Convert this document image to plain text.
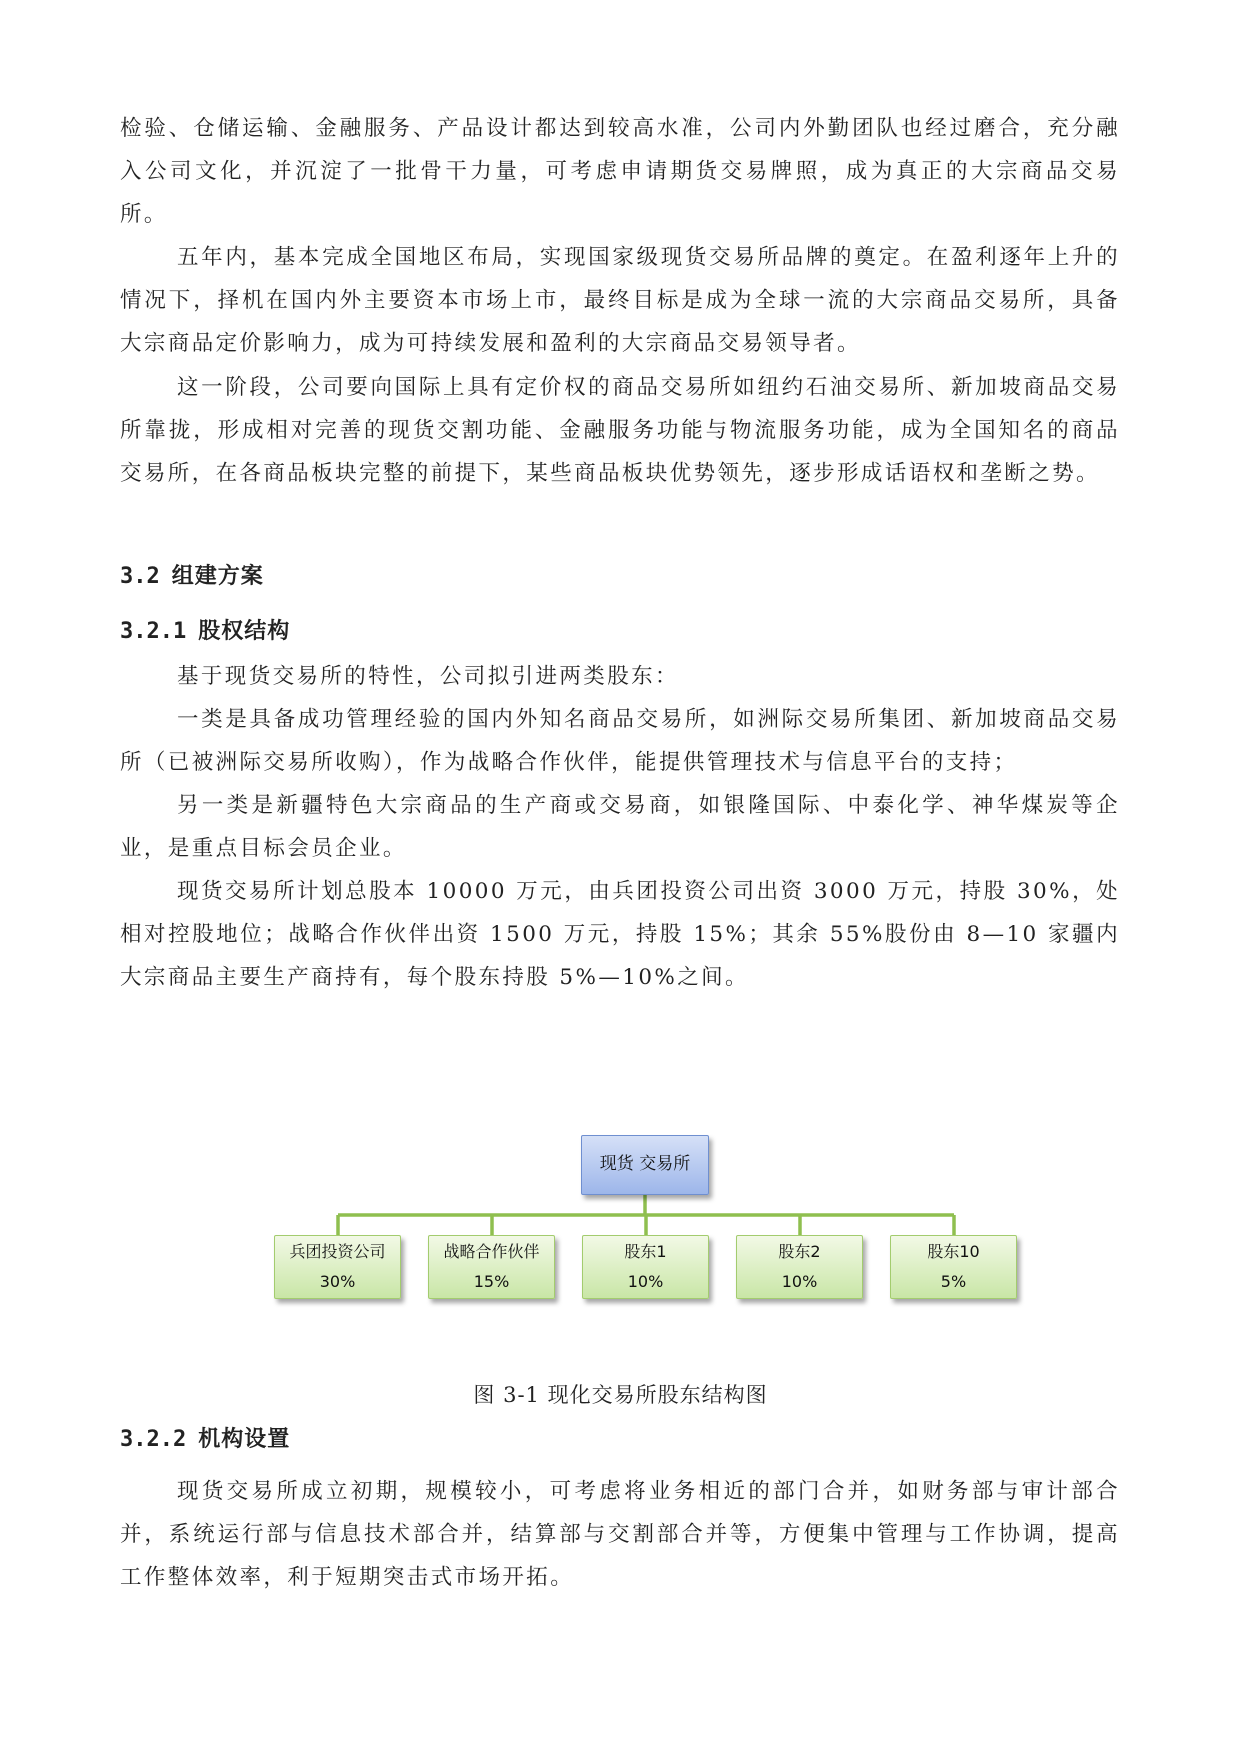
检验、仓储运输、金融服务、产品设计都达到较高水准，公司内外勤团队也经过磨合，充分融入公司文化，并沉淀了一批骨干力量，可考虑申请期货交易牌照，成为真正的大宗商品交易所。

五年内，基本完成全国地区布局，实现国家级现货交易所品牌的奠定。在盈利逐年上升的情况下，择机在国内外主要资本市场上市，最终目标是成为全球一流的大宗商品交易所，具备大宗商品定价影响力，成为可持续发展和盈利的大宗商品交易领导者。

这一阶段，公司要向国际上具有定价权的商品交易所如纽约石油交易所、新加坡商品交易所靠拢，形成相对完善的现货交割功能、金融服务功能与物流服务功能，成为全国知名的商品交易所，在各商品板块完整的前提下，某些商品板块优势领先，逐步形成话语权和垄断之势。

3.2 组建方案
3.2.1 股权结构

基于现货交易所的特性，公司拟引进两类股东：

一类是具备成功管理经验的国内外知名商品交易所，如洲际交易所集团、新加坡商品交易所（已被洲际交易所收购），作为战略合作伙伴，能提供管理技术与信息平台的支持；

另一类是新疆特色大宗商品的生产商或交易商，如银隆国际、中泰化学、神华煤炭等企业，是重点目标会员企业。

现货交易所计划总股本 10000 万元，由兵团投资公司出资 3000 万元，持股 30%，处相对控股地位；战略合作伙伴出资 1500 万元，持股 15%；其余 55%股份由 8—10 家疆内大宗商品主要生产商持有，每个股东持股 5%—10%之间。

现货 交易所
兵团投资公司
30%
战略合作伙伴
15%
股东1
10%
股东2
10%
股东10
5%
图 3-1 现化交易所股东结构图
3.2.2 机构设置

现货交易所成立初期，规模较小，可考虑将业务相近的部门合并，如财务部与审计部合并，系统运行部与信息技术部合并，结算部与交割部合并等，方便集中管理与工作协调，提高工作整体效率，利于短期突击式市场开拓。
